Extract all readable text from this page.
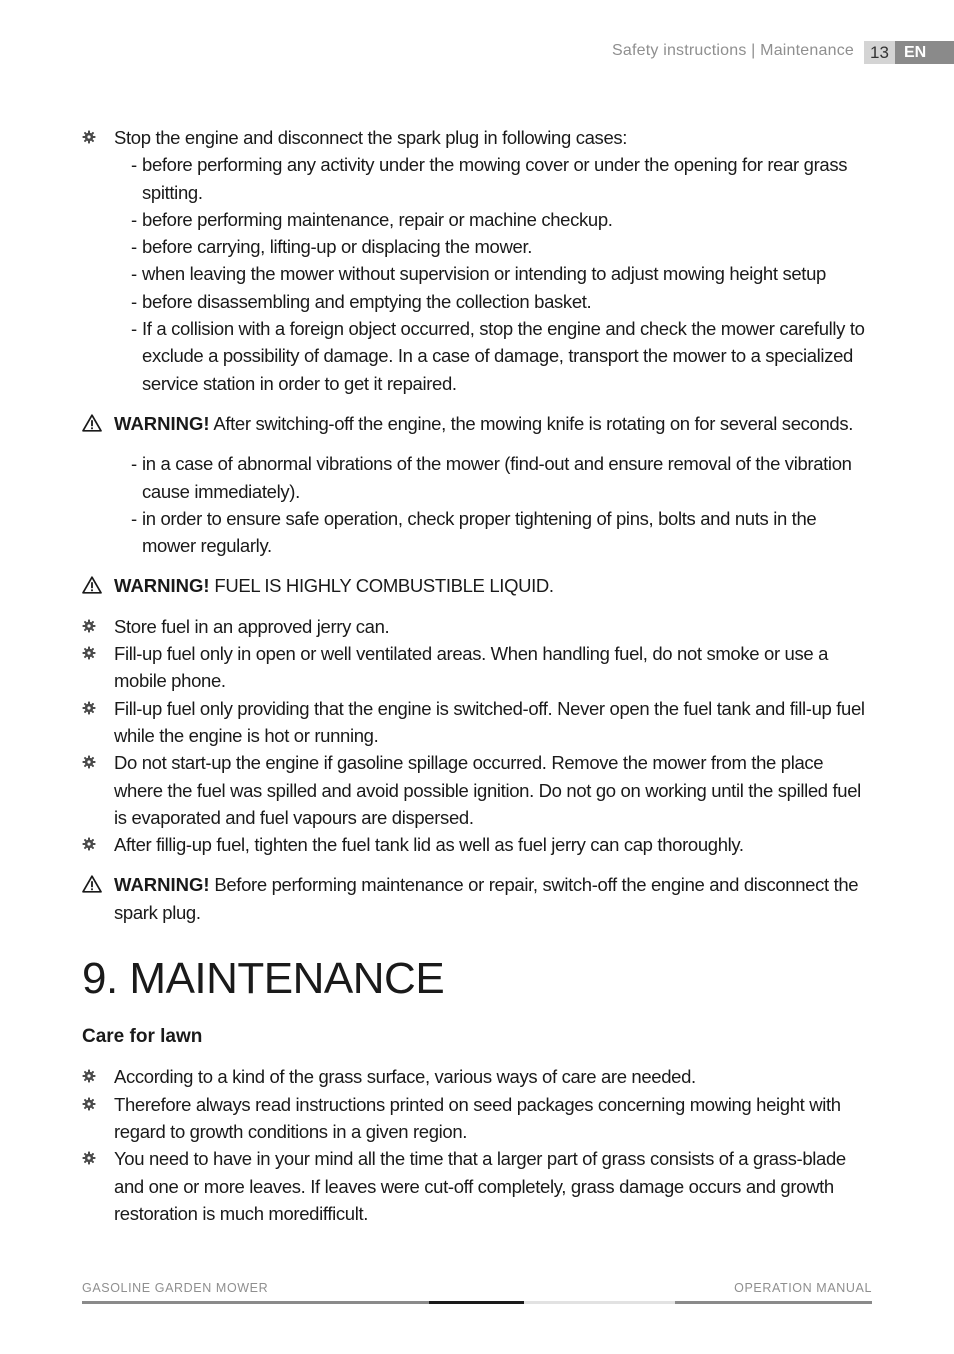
Safety instructions | Maintenance 13 EN
Stop the engine and disconnect the spark plug in following cases:
- before performing any activity under the mowing cover or under the opening for rear grass spitting.
- before performing maintenance, repair or machine checkup.
- before carrying, lifting-up or displacing the mower.
- when leaving the mower without supervision or intending to adjust mowing height setup
- before disassembling and emptying the collection basket.
- If a collision with a foreign object occurred, stop the engine and check the mower carefully to exclude a possibility of damage. In a case of damage, transport the mower to a specialized service station in order to get it repaired.
WARNING! After switching-off the engine, the mowing knife is rotating on for several seconds.
- in a case of abnormal vibrations of the mower (find-out and ensure removal of the vibration cause immediately).
- in order to ensure safe operation, check proper tightening of pins, bolts and nuts in the mower regularly.
WARNING! FUEL IS HIGHLY COMBUSTIBLE LIQUID.
Store fuel in an approved jerry can.
Fill-up fuel only in open or well ventilated areas. When handling fuel, do not smoke or use a mobile phone.
Fill-up fuel only providing that the engine is switched-off. Never open the fuel tank and fill-up fuel while the engine is hot or running.
Do not start-up the engine if gasoline spillage occurred. Remove the mower from the place where the fuel was spilled and avoid possible ignition. Do not go on working until the spilled fuel is evaporated and fuel vapours are dispersed.
After fillig-up fuel, tighten the fuel tank lid as well as fuel jerry can cap thoroughly.
WARNING! Before performing maintenance or repair, switch-off the engine and disconnect the spark plug.
9. MAINTENANCE
Care for lawn
According to a kind of the grass surface, various ways of care are needed.
Therefore always read instructions printed on seed packages concerning mowing height with regard to growth conditions in a given region.
You need to have in your mind all the time that a larger part of grass consists of a grass-blade and one or more leaves. If leaves were cut-off completely, grass damage occurs and growth restoration is much moredifficult.
GASOLINE GARDEN MOWER	OPERATION MANUAL
